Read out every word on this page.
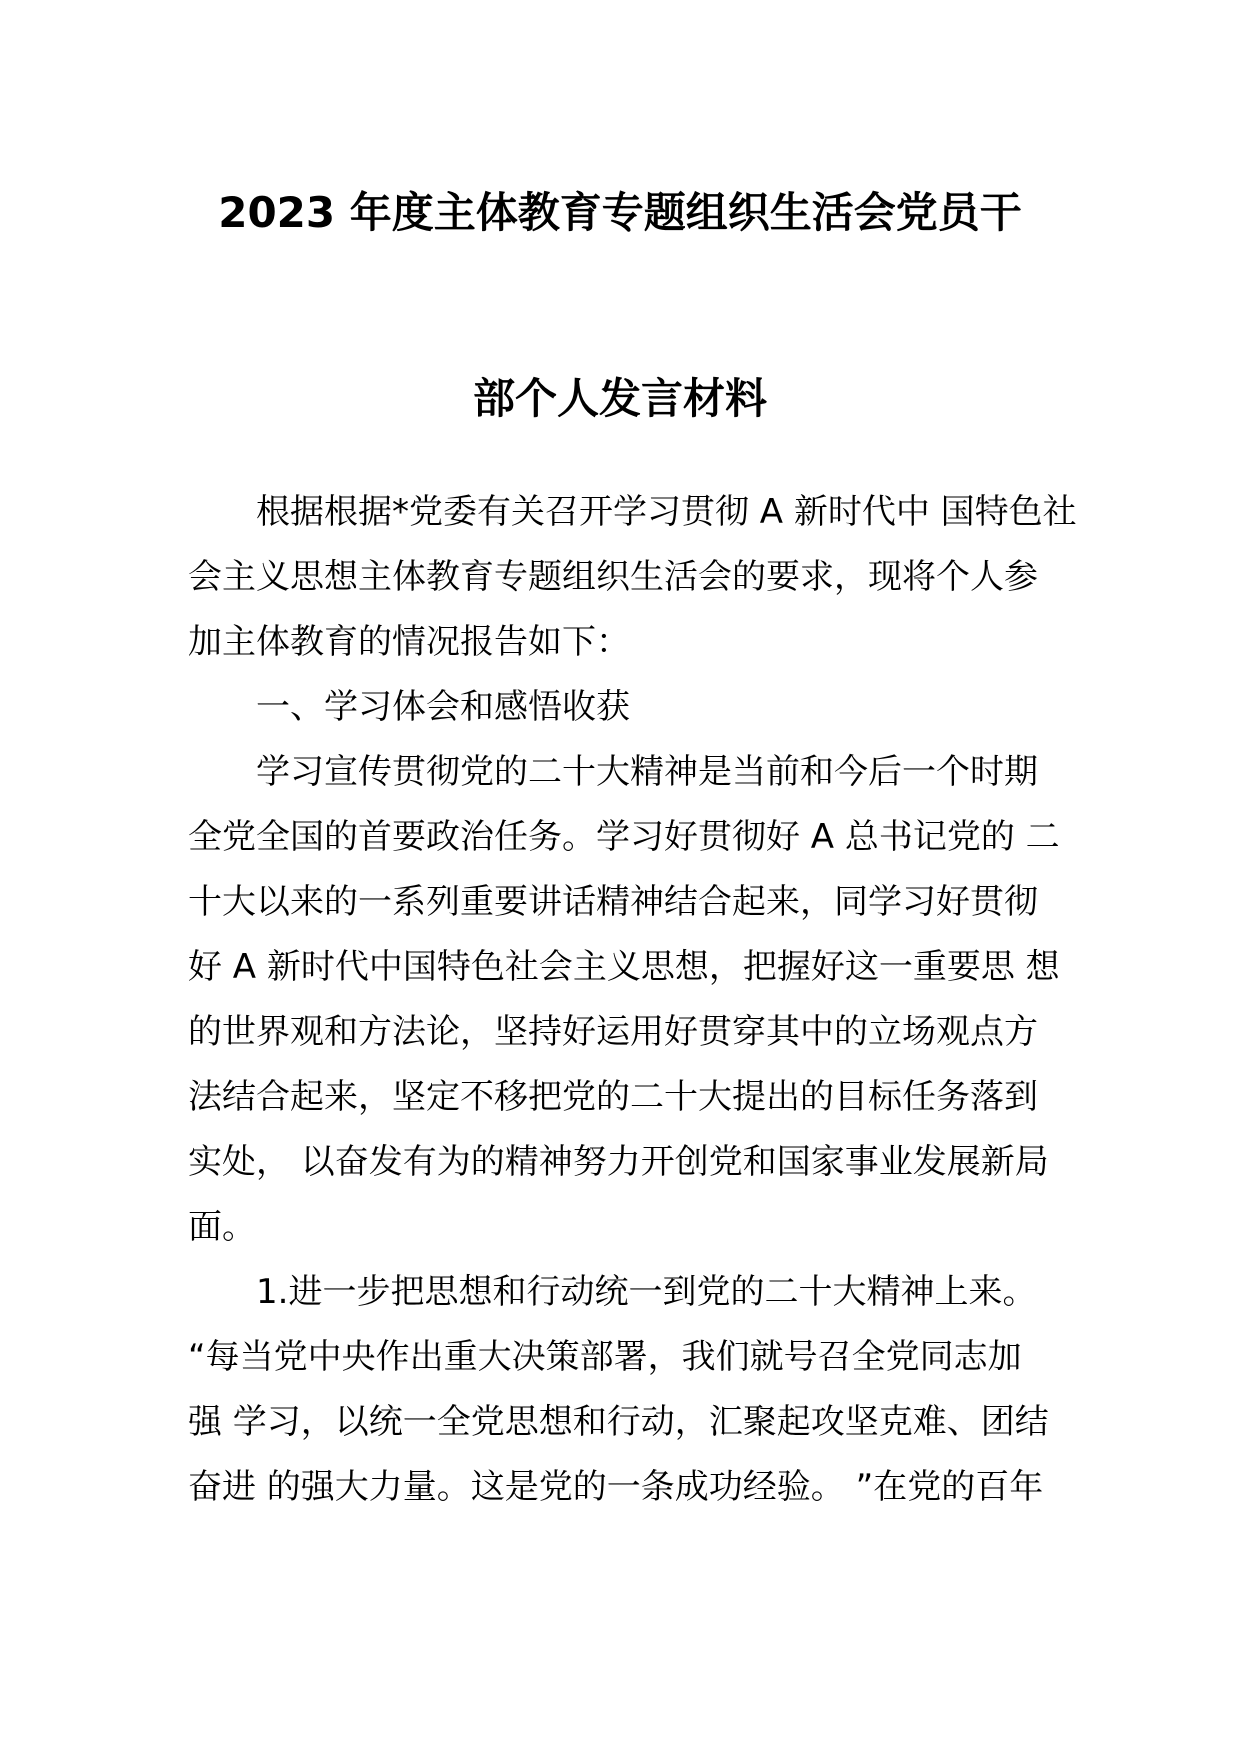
2023 年度主体教育专题组织生活会党员干
部个人发言材料
根据根据*党委有关召开学习贯彻 A 新时代中 国特色社
会主义思想主体教育专题组织生活会的要求，现将个人参
加主体教育的情况报告如下：
一、学习体会和感悟收获
学习宣传贯彻党的二十大精神是当前和今后一个时期
全党全国的首要政治任务。学习好贯彻好 A 总书记党的 二
十大以来的一系列重要讲话精神结合起来，同学习好贯彻
好 A 新时代中国特色社会主义思想，把握好这一重要思 想
的世界观和方法论，坚持好运用好贯穿其中的立场观点方
法结合起来，坚定不移把党的二十大提出的目标任务落到
实处， 以奋发有为的精神努力开创党和国家事业发展新局
面。
1.进一步把思想和行动统一到党的二十大精神上来。
“每当党中央作出重大决策部署，我们就号召全党同志加
强 学习，以统一全党思想和行动，汇聚起攻坚克难、团结
奋进 的强大力量。这是党的一条成功经验。 ”在党的百年
